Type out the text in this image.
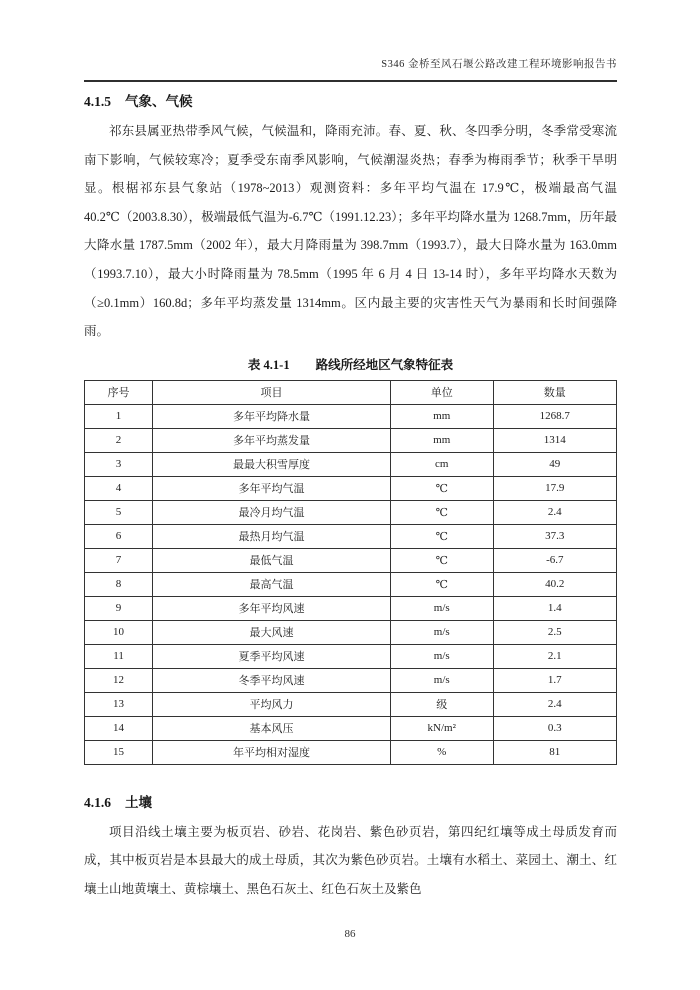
S346 金桥至风石堰公路改建工程环境影响报告书
4.1.5 气象、气候

祁东县属亚热带季风气候，气候温和，降雨充沛。春、夏、秋、冬四季分明，冬季常受寒流南下影响，气候较寒冷；夏季受东南季风影响，气候潮湿炎热；春季为梅雨季节；秋季干旱明显。根椐祁东县气象站（1978~2013）观测资料：多年平均气温在 17.9℃，极端最高气温 40.2℃（2003.8.30），极端最低气温为-6.7℃（1991.12.23）；多年平均降水量为 1268.7mm，历年最大降水量 1787.5mm（2002 年），最大月降雨量为 398.7mm（1993.7），最大日降水量为 163.0mm（1993.7.10），最大小时降雨量为 78.5mm（1995 年 6 月 4 日 13-14 时），多年平均降水天数为（≥0.1mm）160.8d；多年平均蒸发量 1314mm。区内最主要的灾害性天气为暴雨和长时间强降雨。

表 4.1-1 路线所经地区气象特征表
序号	项目	单位	数量
1	多年平均降水量	mm	1268.7
2	多年平均蒸发量	mm	1314
3	最最大积雪厚度	cm	49
4	多年平均气温	℃	17.9
5	最冷月均气温	℃	2.4
6	最热月均气温	℃	37.3
7	最低气温	℃	-6.7
8	最高气温	℃	40.2
9	多年平均风速	m/s	1.4
10	最大风速	m/s	2.5
11	夏季平均风速	m/s	2.1
12	冬季平均风速	m/s	1.7
13	平均风力	级	2.4
14	基本风压	kN/m²	0.3
15	年平均相对湿度	%	81
4.1.6 土壤

项目沿线土壤主要为板页岩、砂岩、花岗岩、紫色砂页岩，第四纪红壤等成土母质发育而成，其中板页岩是本县最大的成土母质，其次为紫色砂页岩。土壤有水稻土、菜园土、潮土、红壤土山地黄壤土、黄棕壤土、黑色石灰土、红色石灰土及紫色

86
